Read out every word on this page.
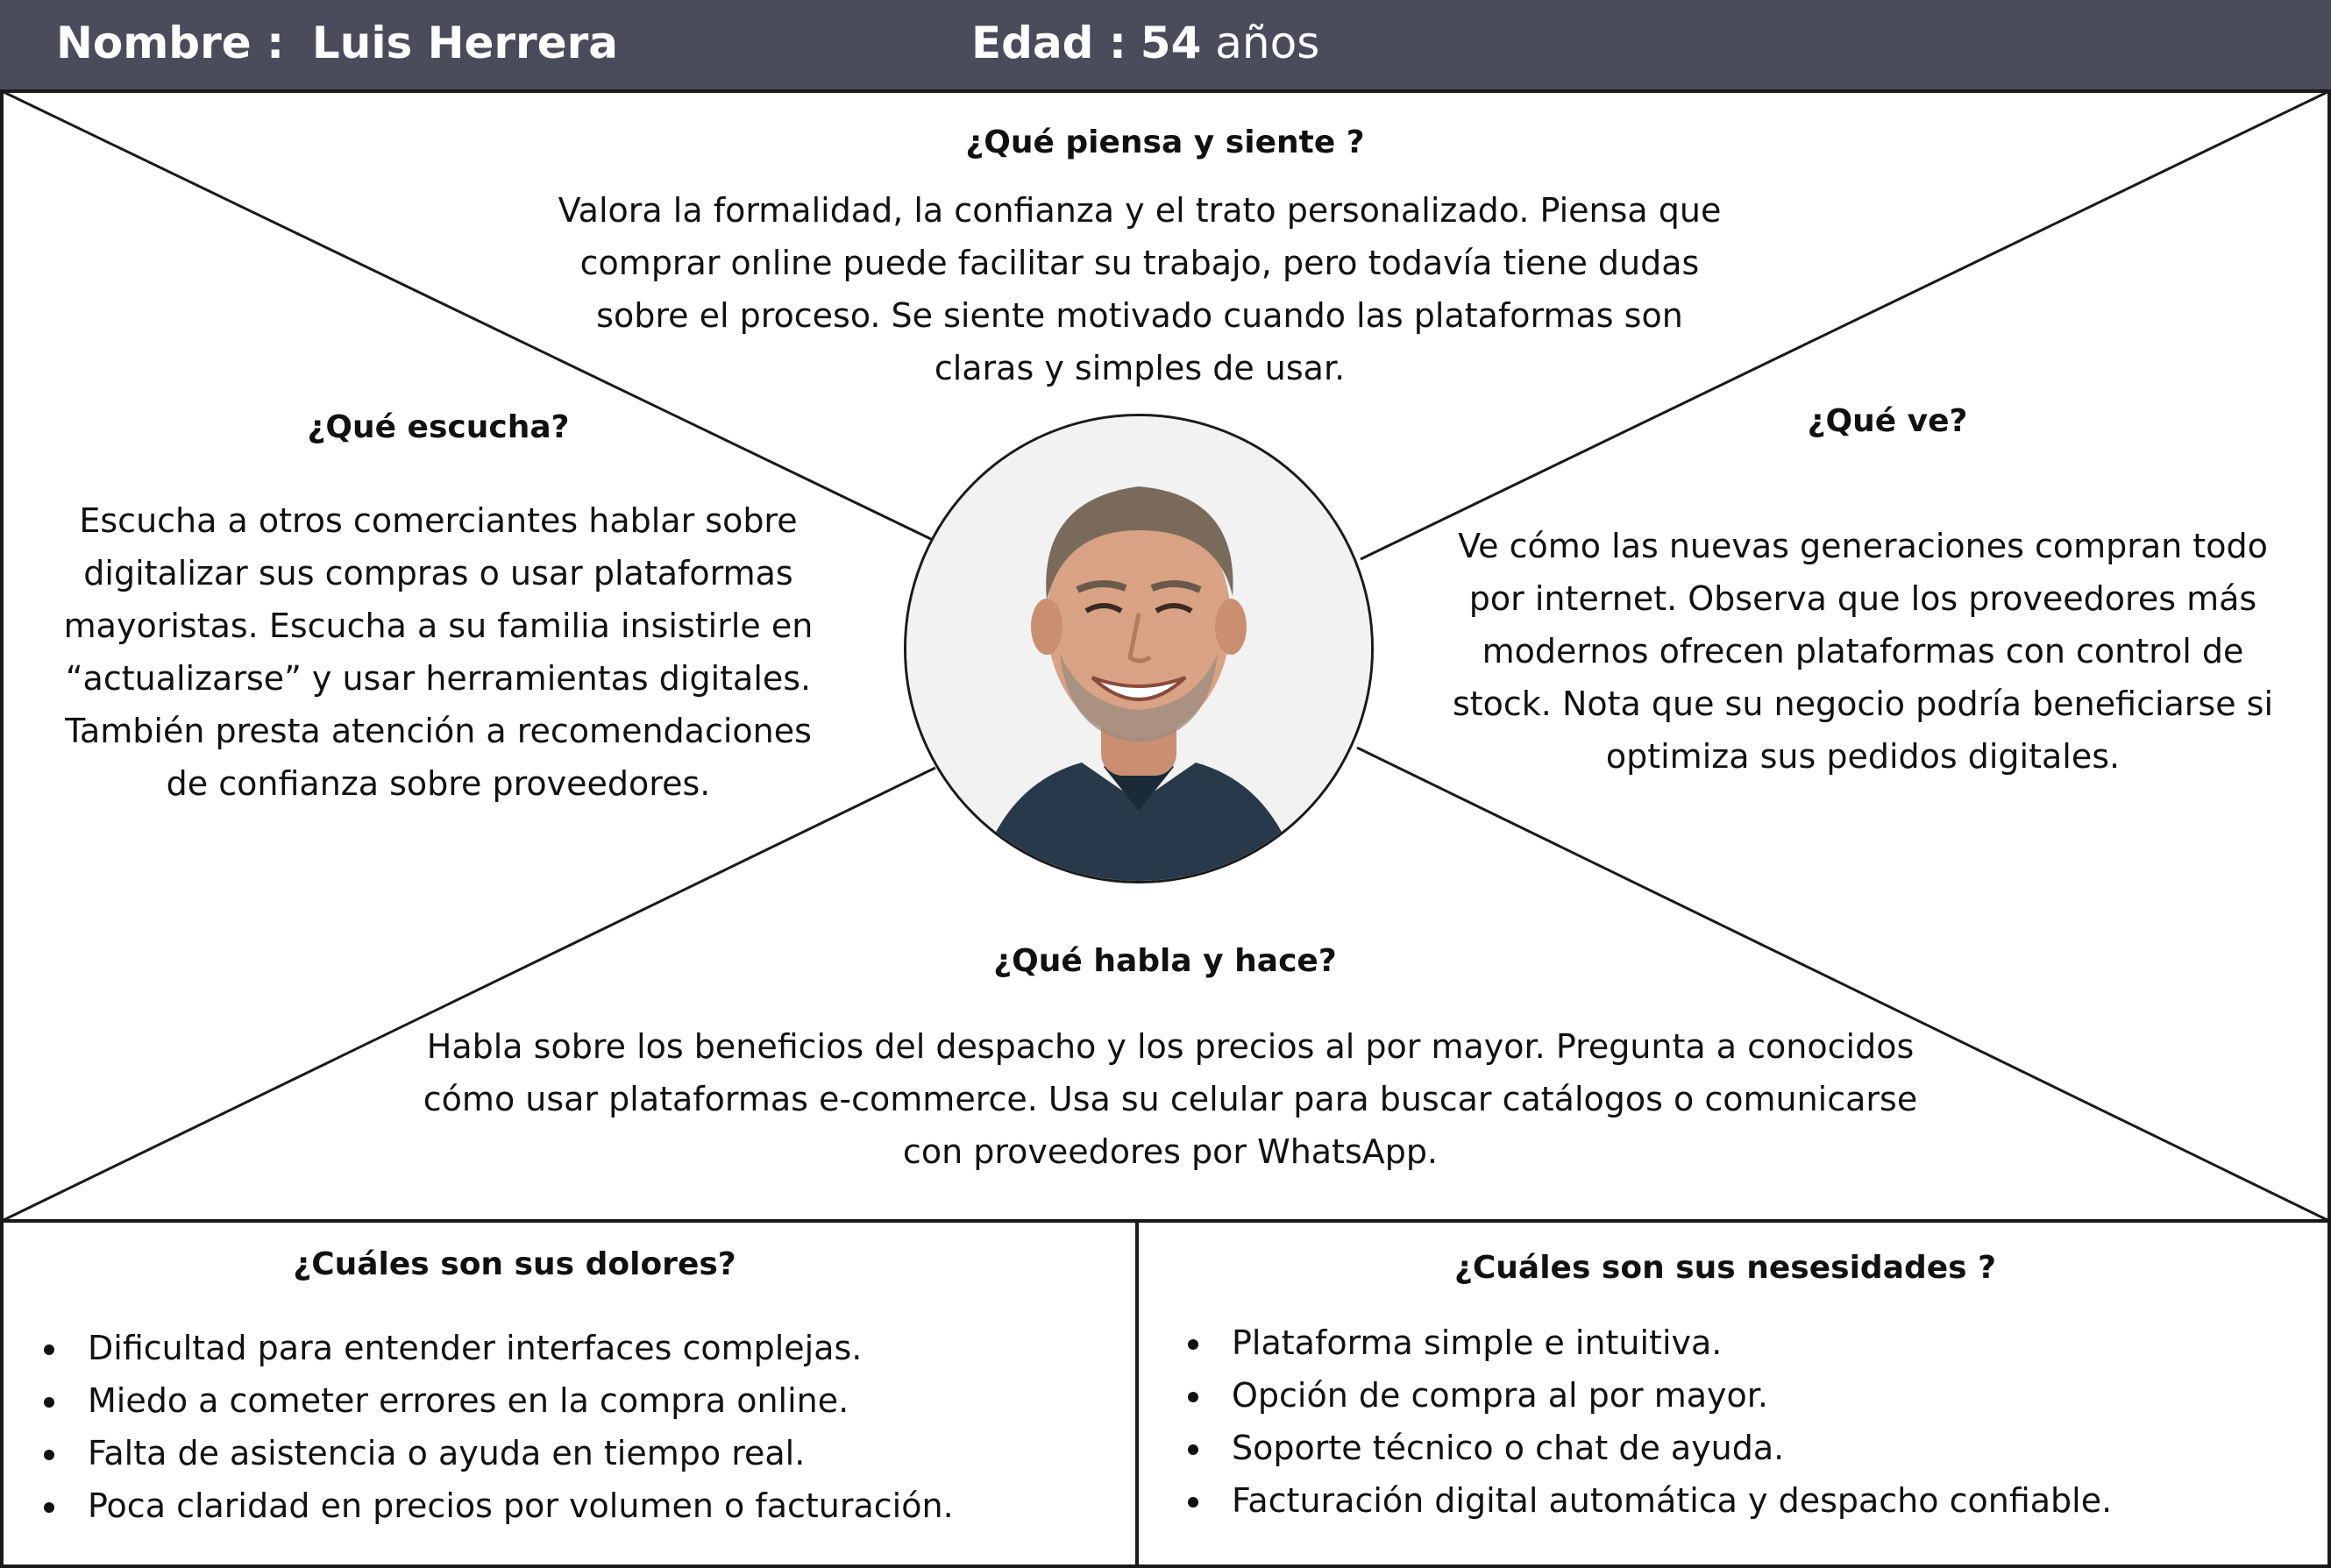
Nombre : Luis Herrera	Edad : 54 años
¿Qué piensa y siente ?
Valora la formalidad, la confianza y el trato personalizado. Piensa que comprar online puede facilitar su trabajo, pero todavía tiene dudas sobre el proceso. Se siente motivado cuando las plataformas son claras y simples de usar.
¿Qué escucha?
Escucha a otros comerciantes hablar sobre digitalizar sus compras o usar plataformas mayoristas. Escucha a su familia insistirle en “actualizarse” y usar herramientas digitales. También presta atención a recomendaciones de confianza sobre proveedores.
¿Qué ve?
Ve cómo las nuevas generaciones compran todo por internet. Observa que los proveedores más modernos ofrecen plataformas con control de stock. Nota que su negocio podría beneficiarse si optimiza sus pedidos digitales.
¿Qué habla y hace?
Habla sobre los beneficios del despacho y los precios al por mayor. Pregunta a conocidos cómo usar plataformas e-commerce. Usa su celular para buscar catálogos o comunicarse con proveedores por WhatsApp.
¿Cuáles son sus dolores?
Dificultad para entender interfaces complejas.
Miedo a cometer errores en la compra online.
Falta de asistencia o ayuda en tiempo real.
Poca claridad en precios por volumen o facturación.
¿Cuáles son sus nesesidades ?
Plataforma simple e intuitiva.
Opción de compra al por mayor.
Soporte técnico o chat de ayuda.
Facturación digital automática y despacho confiable.
